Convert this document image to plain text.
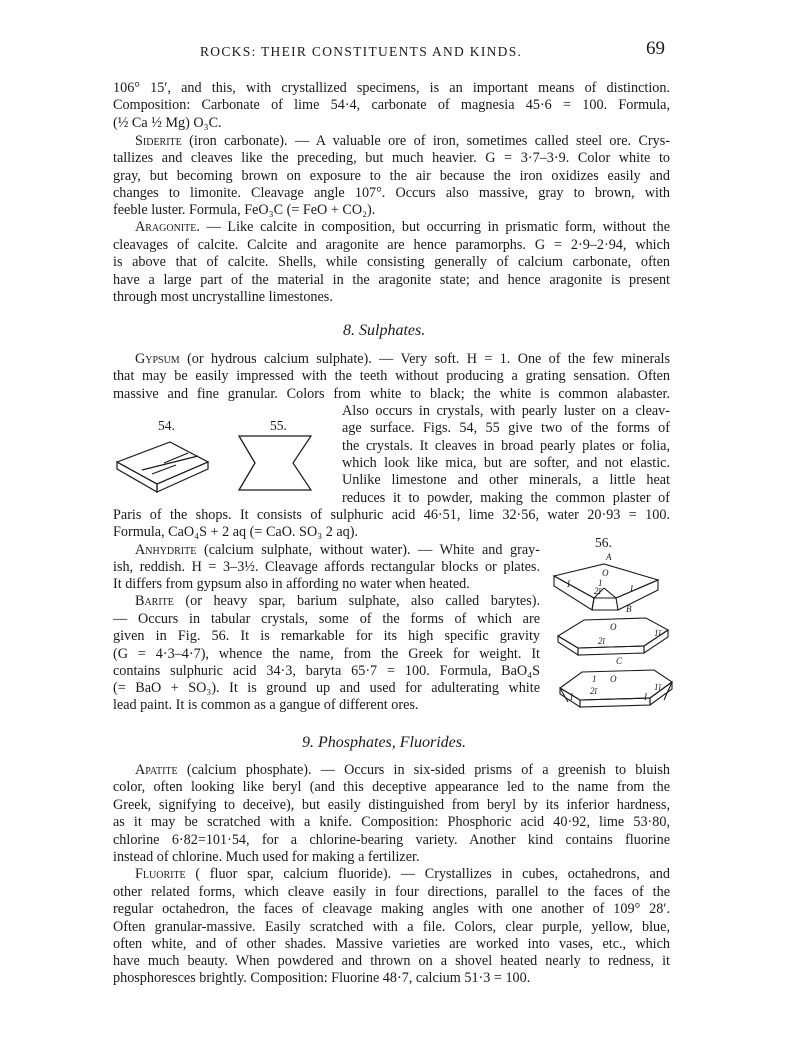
ROCKS: THEIR CONSTITUENTS AND KINDS.	69
106° 15′, and this, with crystallized specimens, is an important means of distinction.
Composition: Carbonate of lime 54·4, carbonate of magnesia 45·6 = 100. Formula,
(½ Ca ½ Mg) O₃C.
Siderite (iron carbonate). — A valuable ore of iron, sometimes called steel ore. Crys-
tallizes and cleaves like the preceding, but much heavier. G = 3·7–3·9. Color white to
gray, but becoming brown on exposure to the air because the iron oxidizes easily and
changes to limonite. Cleavage angle 107°. Occurs also massive, gray to brown, with
feeble luster. Formula, FeO₃C (= FeO + CO₂).
Aragonite. — Like calcite in composition, but occurring in prismatic form, without the
cleavages of calcite. Calcite and aragonite are hence paramorphs. G = 2·9–2·94, which
is above that of calcite. Shells, while consisting generally of calcium carbonate, often
have a large part of the material in the aragonite state; and hence aragonite is present
through most uncrystalline limestones.
8. Sulphates.
Gypsum (or hydrous calcium sulphate). — Very soft. H = 1. One of the few minerals
that may be easily impressed with the teeth without producing a grating sensation. Often
massive and fine granular. Colors from white to black; the white is common alabaster.
Also occurs in crystals, with pearly luster on a cleav-
age surface. Figs. 54, 55 give two of the forms of
the crystals. It cleaves in broad pearly plates or folia,
which look like mica, but are softer, and not elastic.
Unlike limestone and other minerals, a little heat
reduces it to powder, making the common plaster of
Paris of the shops. It consists of sulphuric acid 46·51, lime 32·56, water 20·93 = 100.
Formula, CaO₄S + 2 aq (= CaO. SO₃ 2 aq).
54.	55.
Anhydrite (calcium sulphate, without water). — White and gray-
ish, reddish. H = 3–3½. Cleavage affords rectangular blocks or plates.
It differs from gypsum also in affording no water when heated.
Barite (or heavy spar, barium sulphate, also called barytes).
— Occurs in tabular crystals, some of the forms of which are
given in Fig. 56. It is remarkable for its high specific gravity
(G = 4·3–4·7), whence the name, from the Greek for weight. It
contains sulphuric acid 34·3, baryta 65·7 = 100. Formula, BaO₄S
(= BaO + SO₃). It is ground up and used for adulterating white
lead paint. It is common as a gangue of different ores.
56.
A
B
C
O
1
2ī
I	I
O
2ī
1ī
1 O
2ī	1ī
I	I
9. Phosphates, Fluorides.
Apatite (calcium phosphate). — Occurs in six-sided prisms of a greenish to bluish
color, often looking like beryl (and this deceptive appearance led to the name from the
Greek, signifying to deceive), but easily distinguished from beryl by its inferior hardness,
as it may be scratched with a knife. Composition: Phosphoric acid 40·92, lime 53·80,
chlorine 6·82=101·54, for a chlorine-bearing variety. Another kind contains fluorine
instead of chlorine. Much used for making a fertilizer.
Fluorite ( fluor spar, calcium fluoride). — Crystallizes in cubes, octahedrons, and
other related forms, which cleave easily in four directions, parallel to the faces of the
regular octahedron, the faces of cleavage making angles with one another of 109° 28′.
Often granular-massive. Easily scratched with a file. Colors, clear purple, yellow, blue,
often white, and of other shades. Massive varieties are worked into vases, etc., which
have much beauty. When powdered and thrown on a shovel heated nearly to redness, it
phosphoresces brightly. Composition: Fluorine 48·7, calcium 51·3 = 100.
